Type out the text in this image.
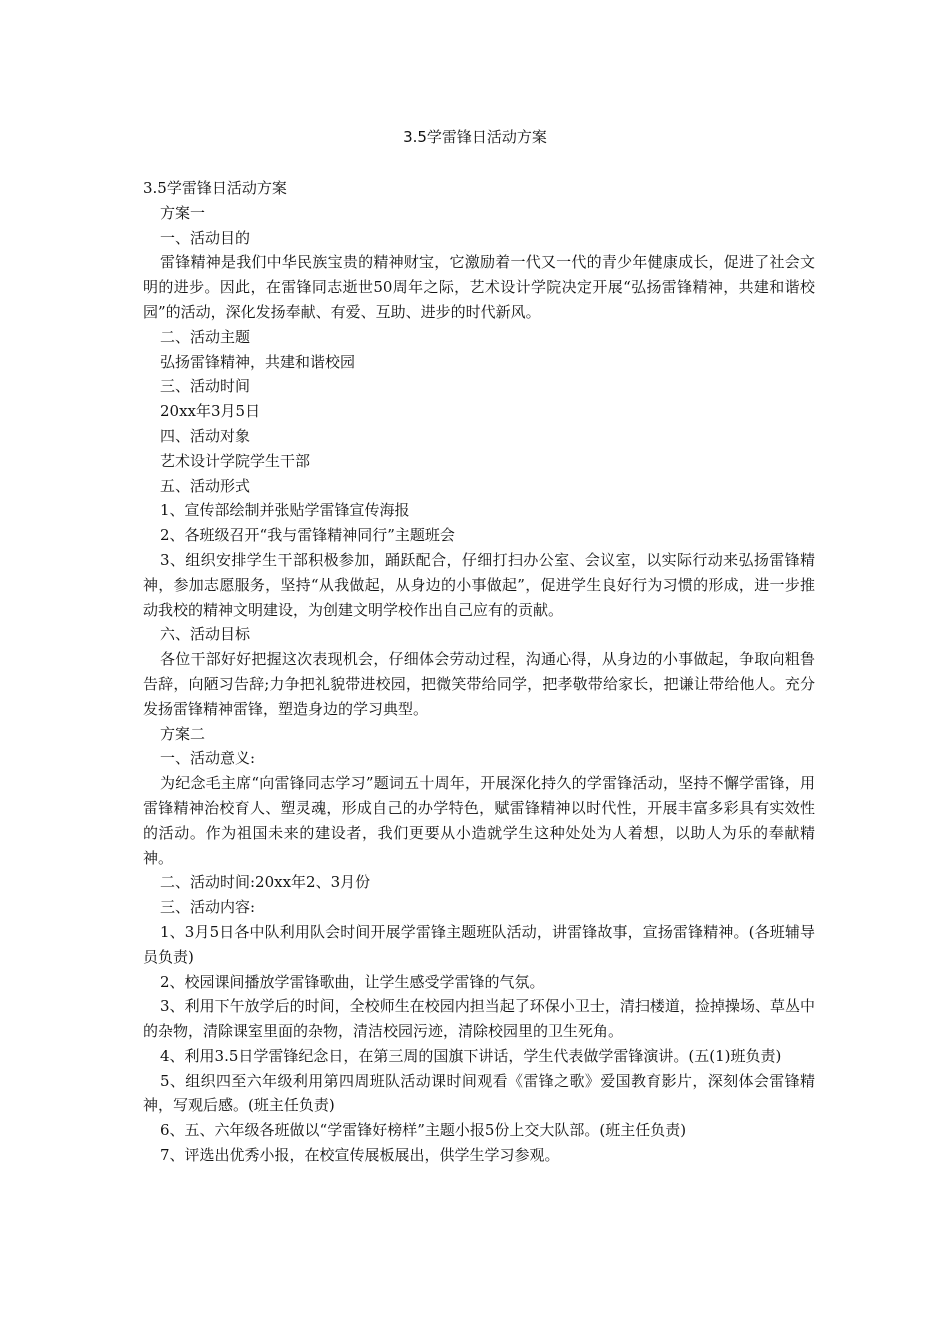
3.5学雷锋日活动方案

3.5学雷锋日活动方案

方案一

一、活动目的

雷锋精神是我们中华民族宝贵的精神财宝，它激励着一代又一代的青少年健康成长，促进了社会文明的进步。因此，在雷锋同志逝世50周年之际，艺术设计学院决定开展“弘扬雷锋精神，共建和谐校园”的活动，深化发扬奉献、有爱、互助、进步的时代新风。

二、活动主题

弘扬雷锋精神，共建和谐校园

三、活动时间

20xx年3月5日

四、活动对象

艺术设计学院学生干部

五、活动形式

1、宣传部绘制并张贴学雷锋宣传海报

2、各班级召开“我与雷锋精神同行”主题班会

3、组织安排学生干部积极参加，踊跃配合，仔细打扫办公室、会议室，以实际行动来弘扬雷锋精神，参加志愿服务，坚持“从我做起，从身边的小事做起”，促进学生良好行为习惯的形成，进一步推动我校的精神文明建设，为创建文明学校作出自己应有的贡献。

六、活动目标

各位干部好好把握这次表现机会，仔细体会劳动过程，沟通心得，从身边的小事做起，争取向粗鲁告辞，向陋习告辞;力争把礼貌带进校园，把微笑带给同学，把孝敬带给家长，把谦让带给他人。充分发扬雷锋精神雷锋，塑造身边的学习典型。

方案二

一、活动意义:

为纪念毛主席“向雷锋同志学习”题词五十周年，开展深化持久的学雷锋活动，坚持不懈学雷锋，用雷锋精神治校育人、塑灵魂，形成自己的办学特色，赋雷锋精神以时代性，开展丰富多彩具有实效性的活动。作为祖国未来的建设者，我们更要从小造就学生这种处处为人着想，以助人为乐的奉献精神。

二、活动时间:20xx年2、3月份

三、活动内容:

1、3月5日各中队利用队会时间开展学雷锋主题班队活动，讲雷锋故事，宣扬雷锋精神。(各班辅导员负责)

2、校园课间播放学雷锋歌曲，让学生感受学雷锋的气氛。

3、利用下午放学后的时间，全校师生在校园内担当起了环保小卫士，清扫楼道，捡掉操场、草丛中的杂物，清除课室里面的杂物，清洁校园污迹，清除校园里的卫生死角。

4、利用3.5日学雷锋纪念日，在第三周的国旗下讲话，学生代表做学雷锋演讲。(五(1)班负责)

5、组织四至六年级利用第四周班队活动课时间观看《雷锋之歌》爱国教育影片，深刻体会雷锋精神，写观后感。(班主任负责)

6、五、六年级各班做以“学雷锋好榜样”主题小报5份上交大队部。(班主任负责)

7、评选出优秀小报，在校宣传展板展出，供学生学习参观。
